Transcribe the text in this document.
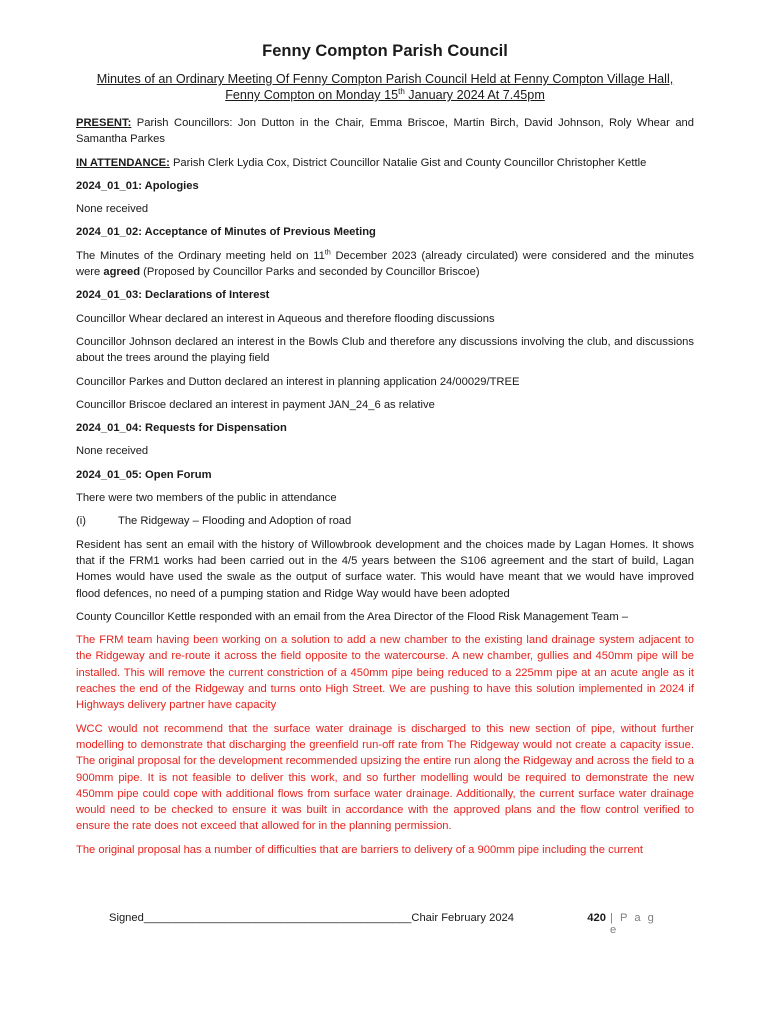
Fenny Compton Parish Council
Minutes of an Ordinary Meeting Of Fenny Compton Parish Council Held at Fenny Compton Village Hall,
Fenny Compton on Monday 15th January 2024 At 7.45pm

PRESENT: Parish Councillors: Jon Dutton in the Chair, Emma Briscoe, Martin Birch, David Johnson, Roly Whear and Samantha Parkes

IN ATTENDANCE: Parish Clerk Lydia Cox, District Councillor Natalie Gist and County Councillor Christopher Kettle

2024_01_01: Apologies

None received

2024_01_02: Acceptance of Minutes of Previous Meeting

The Minutes of the Ordinary meeting held on 11th December 2023 (already circulated) were considered and the minutes were agreed (Proposed by Councillor Parks and seconded by Councillor Briscoe)

2024_01_03: Declarations of Interest

Councillor Whear declared an interest in Aqueous and therefore flooding discussions

Councillor Johnson declared an interest in the Bowls Club and therefore any discussions involving the club, and discussions about the trees around the playing field

Councillor Parkes and Dutton declared an interest in planning application 24/00029/TREE

Councillor Briscoe declared an interest in payment JAN_24_6 as relative

2024_01_04: Requests for Dispensation

None received

2024_01_05: Open Forum

There were two members of the public in attendance

(i)	The Ridgeway – Flooding and Adoption of road

Resident has sent an email with the history of Willowbrook development and the choices made by Lagan Homes. It shows that if the FRM1 works had been carried out in the 4/5 years between the S106 agreement and the start of build, Lagan Homes would have used the swale as the output of surface water. This would have meant that we would have improved flood defences, no need of a pumping station and Ridge Way would have been adopted

County Councillor Kettle responded with an email from the Area Director of the Flood Risk Management Team –

The FRM team having been working on a solution to add a new chamber to the existing land drainage system adjacent to the Ridgeway and re-route it across the field opposite to the watercourse. A new chamber, gullies and 450mm pipe will be installed. This will remove the current constriction of a 450mm pipe being reduced to a 225mm pipe at an acute angle as it reaches the end of the Ridgeway and turns onto High Street. We are pushing to have this solution implemented in 2024 if Highways delivery partner have capacity

WCC would not recommend that the surface water drainage is discharged to this new section of pipe, without further modelling to demonstrate that discharging the greenfield run-off rate from The Ridgeway would not create a capacity issue. The original proposal for the development recommended upsizing the entire run along the Ridgeway and across the field to a 900mm pipe. It is not feasible to deliver this work, and so further modelling would be required to demonstrate the new 450mm pipe could cope with additional flows from surface water drainage. Additionally, the current surface water drainage would need to be checked to ensure it was built in accordance with the approved plans and the flow control verified to ensure the rate does not exceed that allowed for in the planning permission.

The original proposal has a number of difficulties that are barriers to delivery of a 900mm pipe including the current

Signed___________________________________________Chair February 2024	420 | P a g e
